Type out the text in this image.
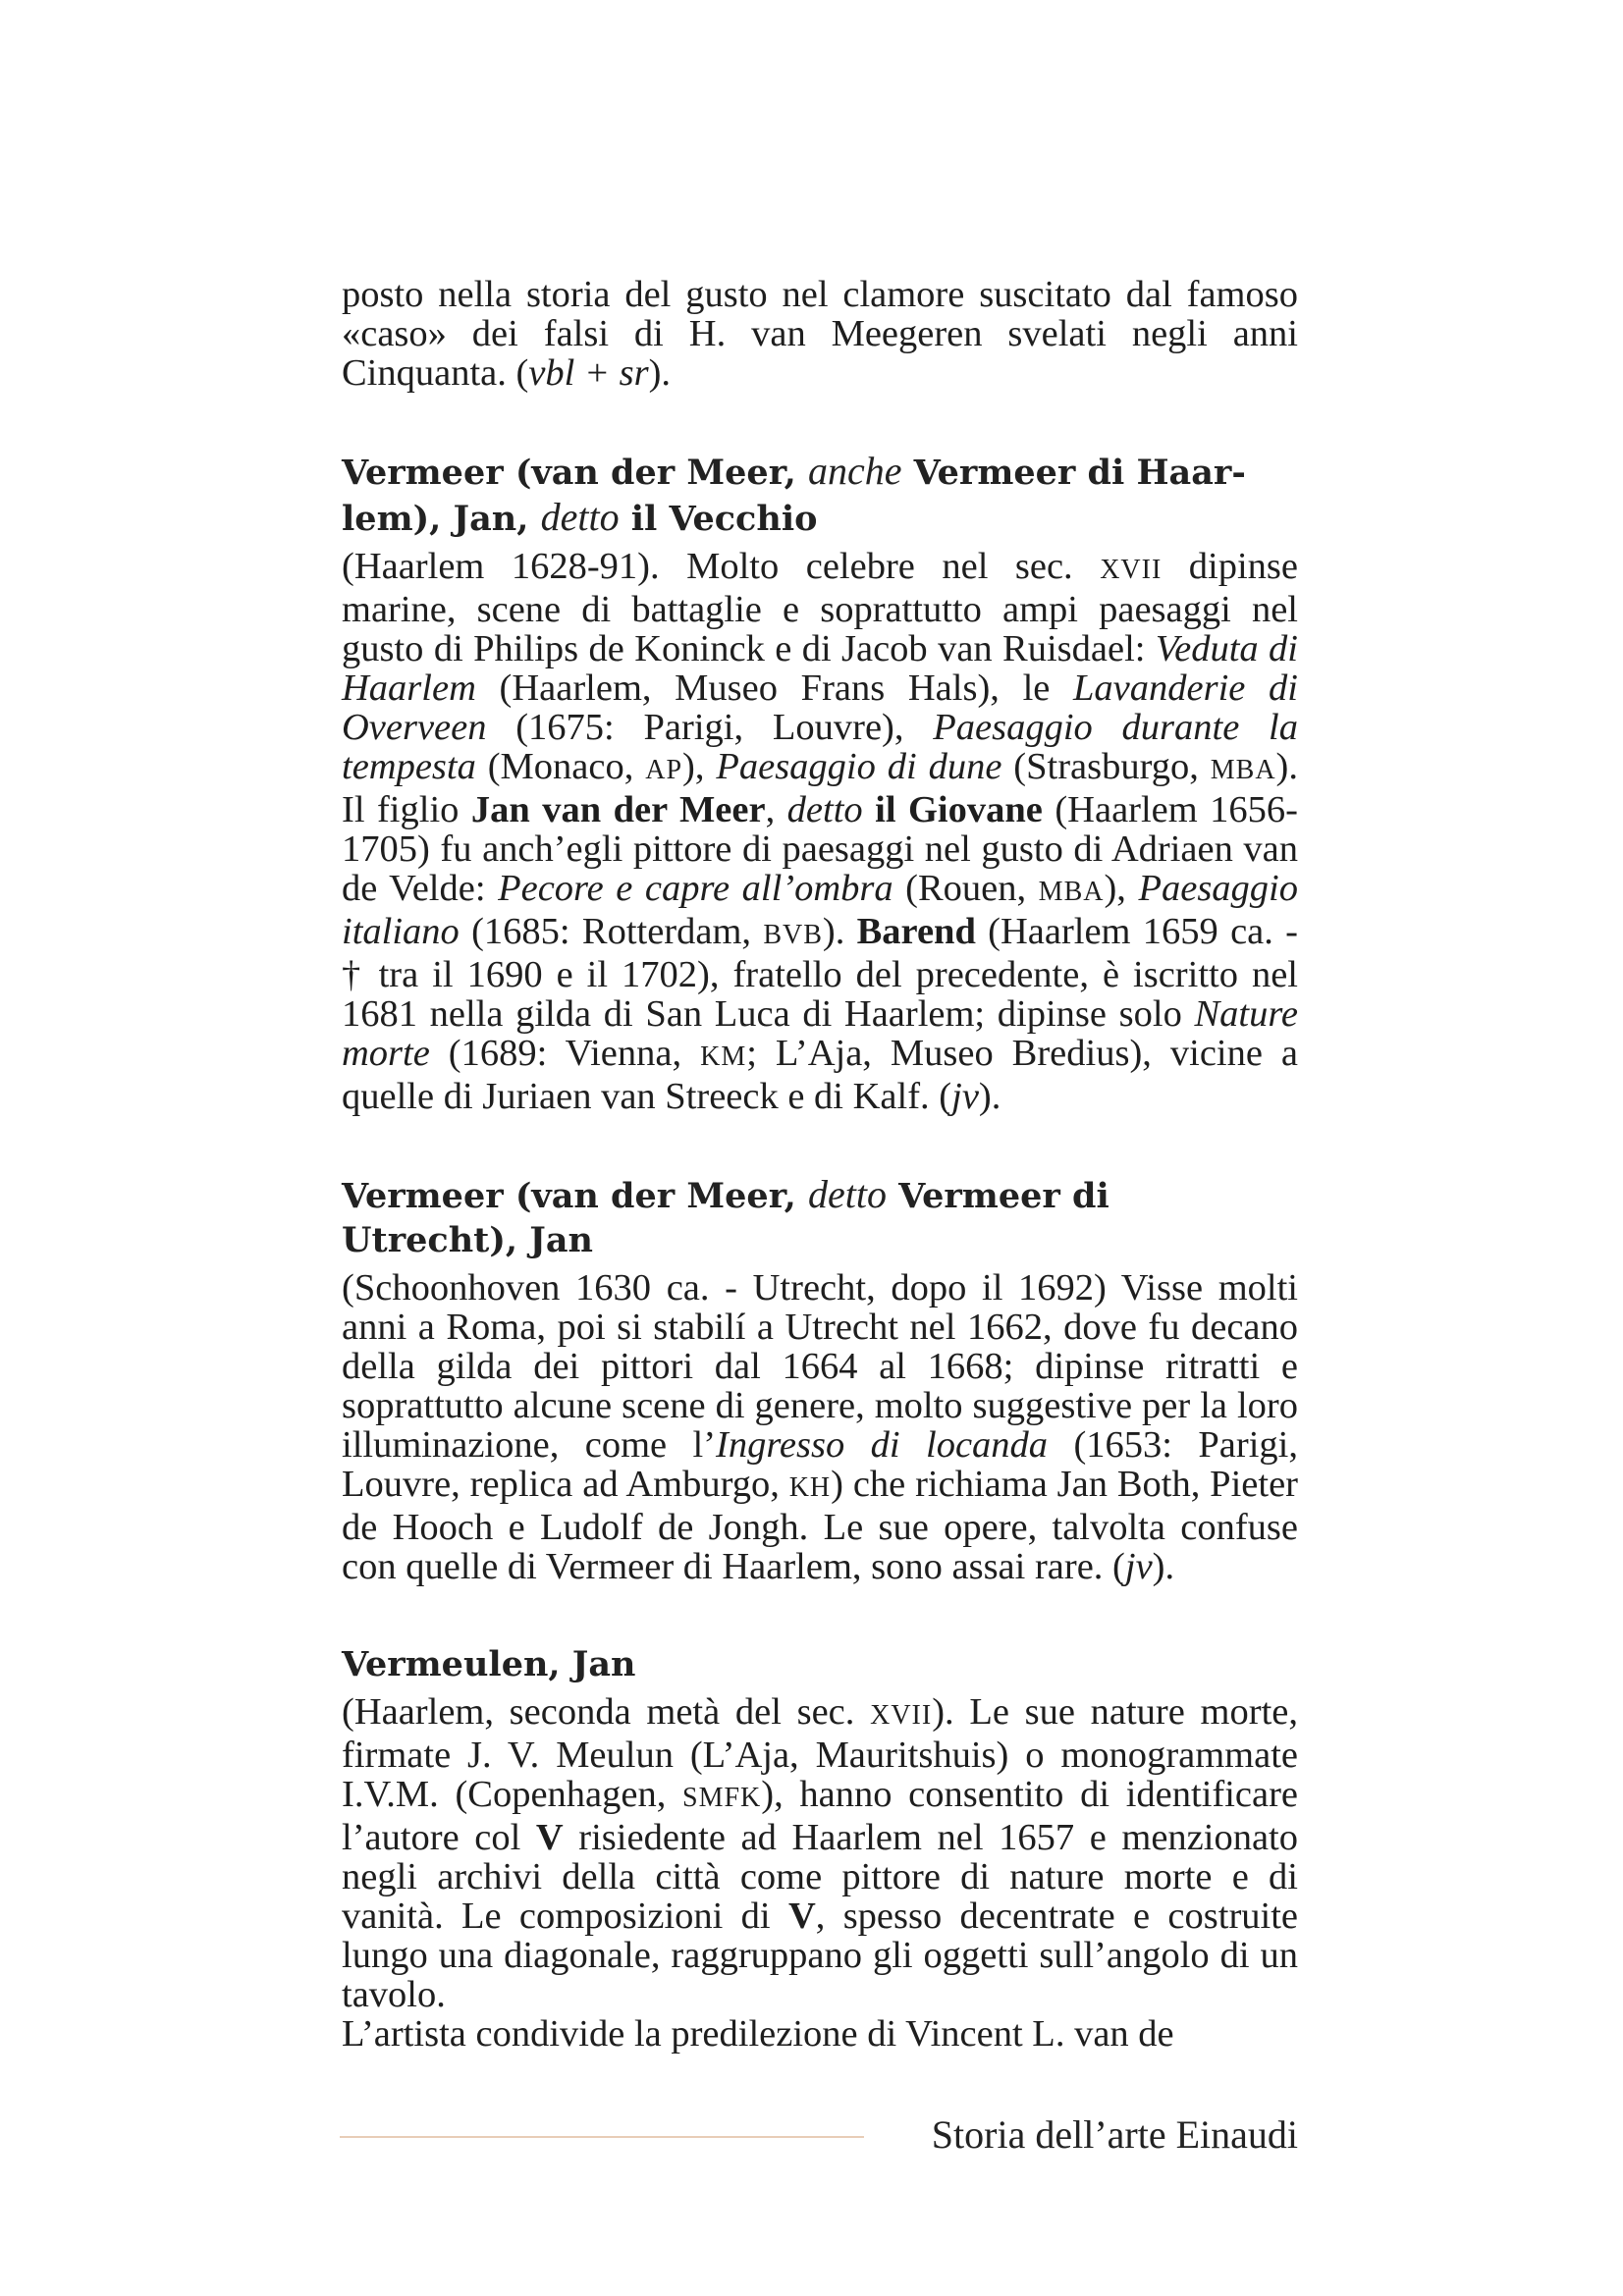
posto nella storia del gusto nel clamore suscitato dal famoso «caso» dei falsi di H. van Meegeren svelati negli anni Cinquanta. (vbl + sr).

Vermeer (van der Meer, anche Vermeer di Haarlem), Jan, detto il Vecchio

(Haarlem 1628-91). Molto celebre nel sec. XVII dipinse marine, scene di battaglie e soprattutto ampi paesaggi nel gusto di Philips de Koninck e di Jacob van Ruisdael: Veduta di Haarlem (Haarlem, Museo Frans Hals), le Lavanderie di Overveen (1675: Parigi, Louvre), Paesaggio durante la tempesta (Monaco, AP), Paesaggio di dune (Strasburgo, MBA). Il figlio Jan van der Meer, detto il Giovane (Haarlem 1656-1705) fu anch’egli pittore di paesaggi nel gusto di Adriaen van de Velde: Pecore e capre all’ombra (Rouen, MBA), Paesaggio italiano (1685: Rotterdam, BVB). Barend (Haarlem 1659 ca. - † tra il 1690 e il 1702), fratello del precedente, è iscritto nel 1681 nella gilda di San Luca di Haarlem; dipinse solo Nature morte (1689: Vienna, KM; L’Aja, Museo Bredius), vicine a quelle di Juriaen van Streeck e di Kalf. (jv).

Vermeer (van der Meer, detto Vermeer di
Utrecht), Jan

(Schoonhoven 1630 ca. - Utrecht, dopo il 1692) Visse molti anni a Roma, poi si stabilí a Utrecht nel 1662, dove fu decano della gilda dei pittori dal 1664 al 1668; dipinse ritratti e soprattutto alcune scene di genere, molto suggestive per la loro illuminazione, come l’Ingresso di locanda (1653: Parigi, Louvre, replica ad Amburgo, KH) che richiama Jan Both, Pieter de Hooch e Ludolf de Jongh. Le sue opere, talvolta confuse con quelle di Vermeer di Haarlem, sono assai rare. (jv).

Vermeulen, Jan

(Haarlem, seconda metà del sec. XVII). Le sue nature morte, firmate J. V. Meulun (L’Aja, Mauritshuis) o monogrammate I.V.M. (Copenhagen, SMFK), hanno consentito di identificare l’autore col V risiedente ad Haarlem nel 1657 e menzionato negli archivi della città come pittore di nature morte e di vanità. Le composizioni di V, spesso decentrate e costruite lungo una diagonale, raggruppano gli oggetti sull’angolo di un tavolo.

L’artista condivide la predilezione di Vincent L. van de

Storia dell’arte Einaudi
